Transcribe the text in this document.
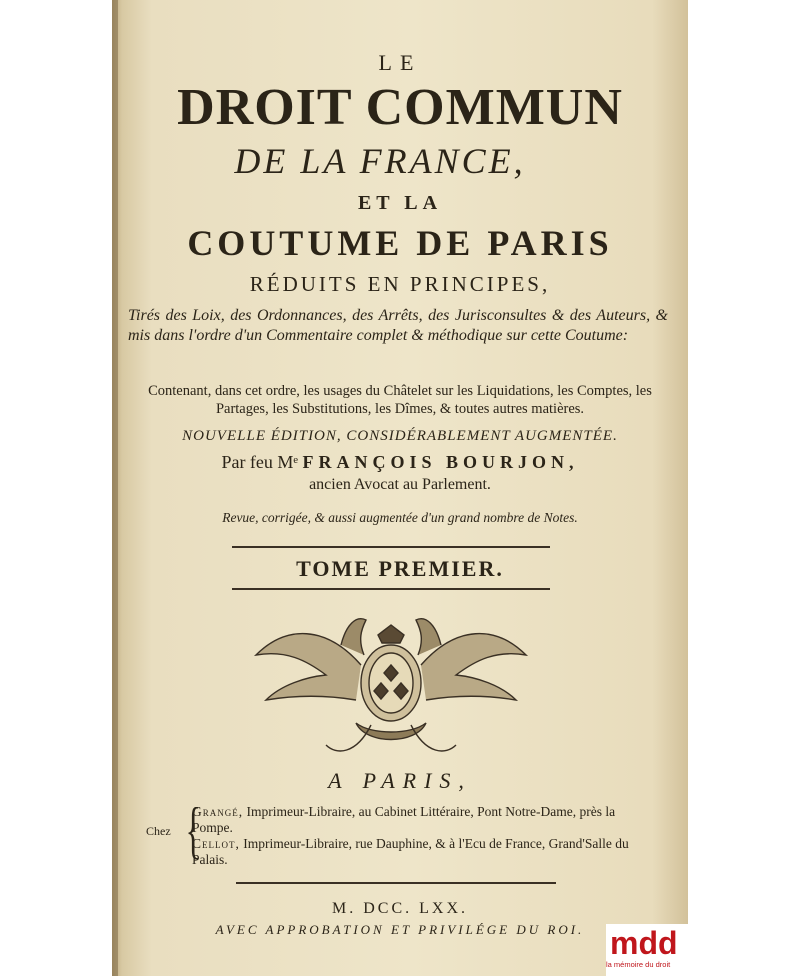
LE
DROIT COMMUN
DE LA FRANCE,
ET LA
COUTUME DE PARIS
RÉDUITS EN PRINCIPES,
Tirés des Loix, des Ordonnances, des Arrêts, des Jurisconsultes & des Auteurs, & mis dans l'ordre d'un Commentaire complet & méthodique sur cette Coutume:
Contenant, dans cet ordre, les usages du Châtelet sur les Liquidations, les Comptes, les Partages, les Substitutions, les Dîmes, & toutes autres matières.
NOUVELLE ÉDITION, CONSIDÉRABLEMENT AUGMENTÉE.
Par feu Mᵉ FRANÇOIS BOURJON,
ancien Avocat au Parlement.
Revue, corrigée, & aussi augmentée d'un grand nombre de Notes.
TOME PREMIER.
A PARIS,
Chez {
Grangé, Imprimeur-Libraire, au Cabinet Littéraire, Pont Notre-Dame, près la Pompe.
Cellot, Imprimeur-Libraire, rue Dauphine, & à l'Ecu de France, Grand'Salle du Palais.
M. DCC. LXX.
AVEC APPROBATION ET PRIVILÉGE DU ROI. mdd
la mémoire du droit
